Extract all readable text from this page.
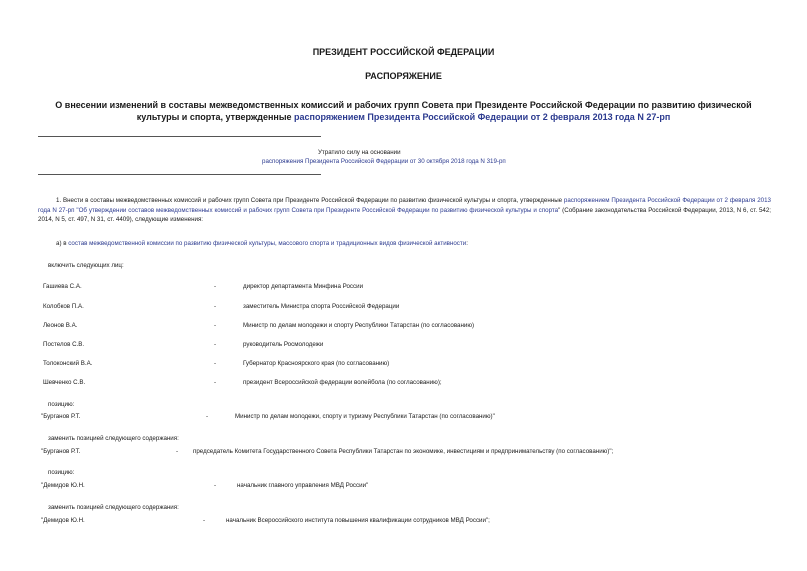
ПРЕЗИДЕНТ РОССИЙСКОЙ ФЕДЕРАЦИИ
РАСПОРЯЖЕНИЕ
О внесении изменений в составы межведомственных комиссий и рабочих групп Совета при Президенте Российской Федерации по развитию физической
культуры и спорта, утвержденные распоряжением Президента Российской Федерации от 2 февраля 2013 года N 27-рп
Утратило силу на основании
распоряжения Президента Российской Федерации от 30 октября 2018 года N 319-рп
1. Внести в составы межведомственных комиссий и рабочих групп Совета при Президенте Российской Федерации по развитию физической культуры и спорта, утвержденные распоряжением Президента Российской Федерации от 2 февраля 2013 года N 27-рп "Об утверждении составов межведомственных комиссий и рабочих групп Совета при Президенте Российской Федерации по развитию физической культуры и спорта" (Собрание законодательства Российской Федерации, 2013, N 6, ст. 542; 2014, N 5, ст. 497, N 31, ст. 4409), следующие изменения:
а) в состав межведомственной комиссии по развитию физической культуры, массового спорта и традиционных видов физической активности:
включить следующих лиц:
Гашиева С.А.	-	директор департамента Минфина России
Колобков П.А.	-	заместитель Министра спорта Российской Федерации
Леонов В.А.	-	Министр по делам молодежи и спорту Республики Татарстан (по согласованию)
Постелов С.В.	-	руководитель Росмолодежи
Толоконский В.А.	-	Губернатор Красноярского края (по согласованию)
Шевченко С.В.	-	президент Всероссийской федерации волейбола (по согласованию);
позицию:
"Бурганов Р.Т.	-	Министр по делам молодежи, спорту и туризму Республики Татарстан (по согласованию)"
заменить позицией следующего содержания:
"Бурганов Р.Т.	- председатель Комитета Государственного Совета Республики Татарстан по экономике, инвестициям и предпринимательству (по согласованию)";
позицию:
"Демидов Ю.Н.	-	начальник главного управления МВД России"
заменить позицией следующего содержания:
"Демидов Ю.Н.	-	начальник Всероссийского института повышения квалификации сотрудников МВД России";
